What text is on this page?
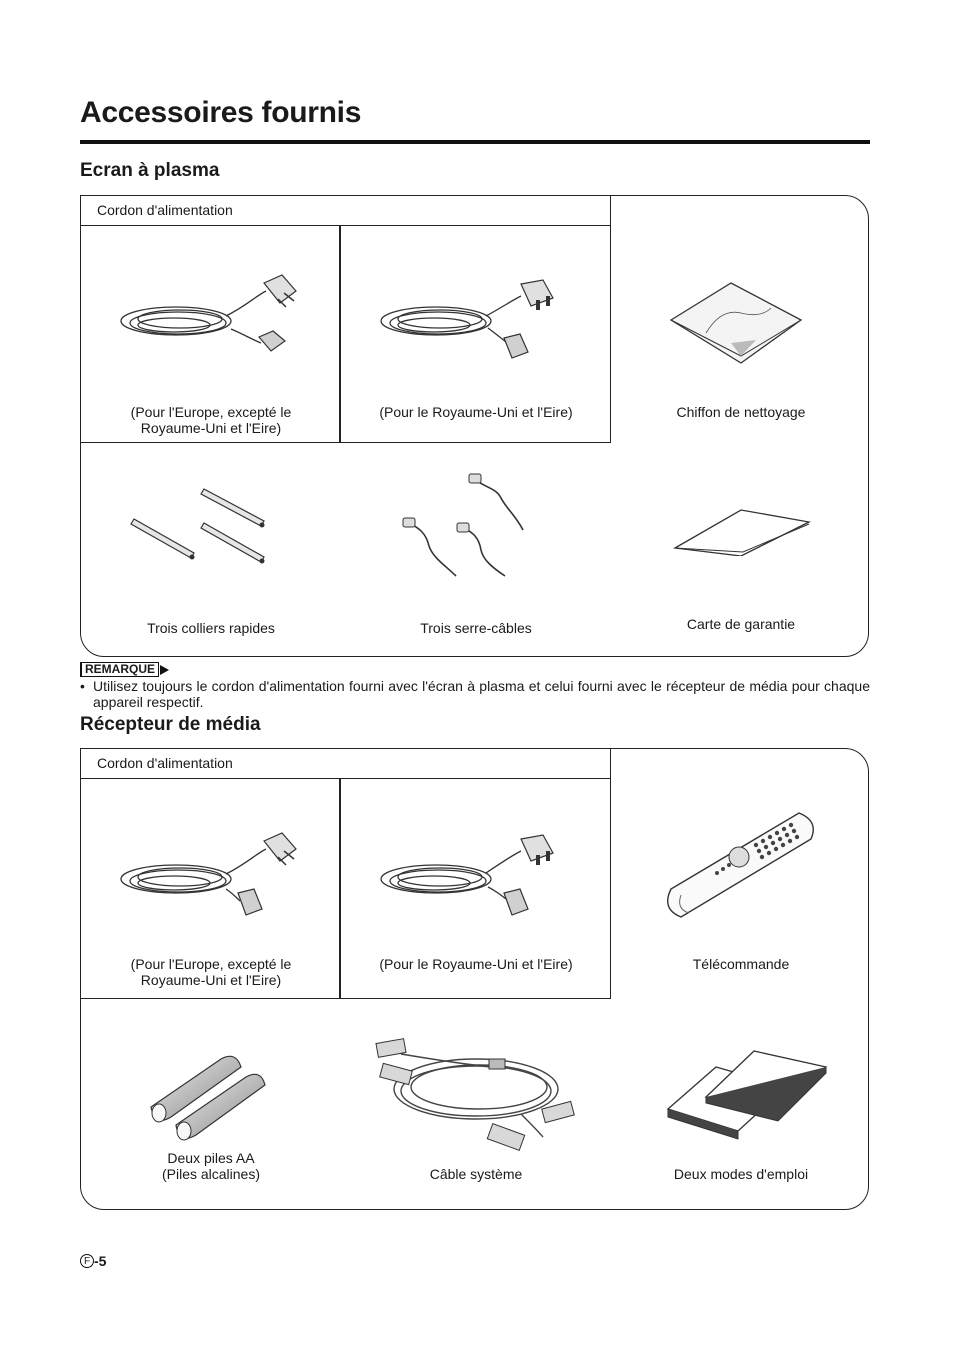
Accessoires fournis
Ecran à plasma
Cordon d'alimentation
(Pour l'Europe, excepté le
Royaume-Uni et l'Eire)
(Pour le Royaume-Uni et l'Eire)	Chiffon de nettoyage
Trois colliers rapides	Trois serre-câbles	Carte de garantie
REMARQUE
• Utilisez toujours le cordon d'alimentation fourni avec l'écran à plasma et celui fourni avec le récepteur de média pour chaque appareil respectif.
Récepteur de média
Cordon d'alimentation
(Pour l'Europe, excepté le
Royaume-Uni et l'Eire)
(Pour le Royaume-Uni et l'Eire)	Télécommande
Deux piles AA
(Piles alcalines)	Câble système	Deux modes d'emploi
F -5
